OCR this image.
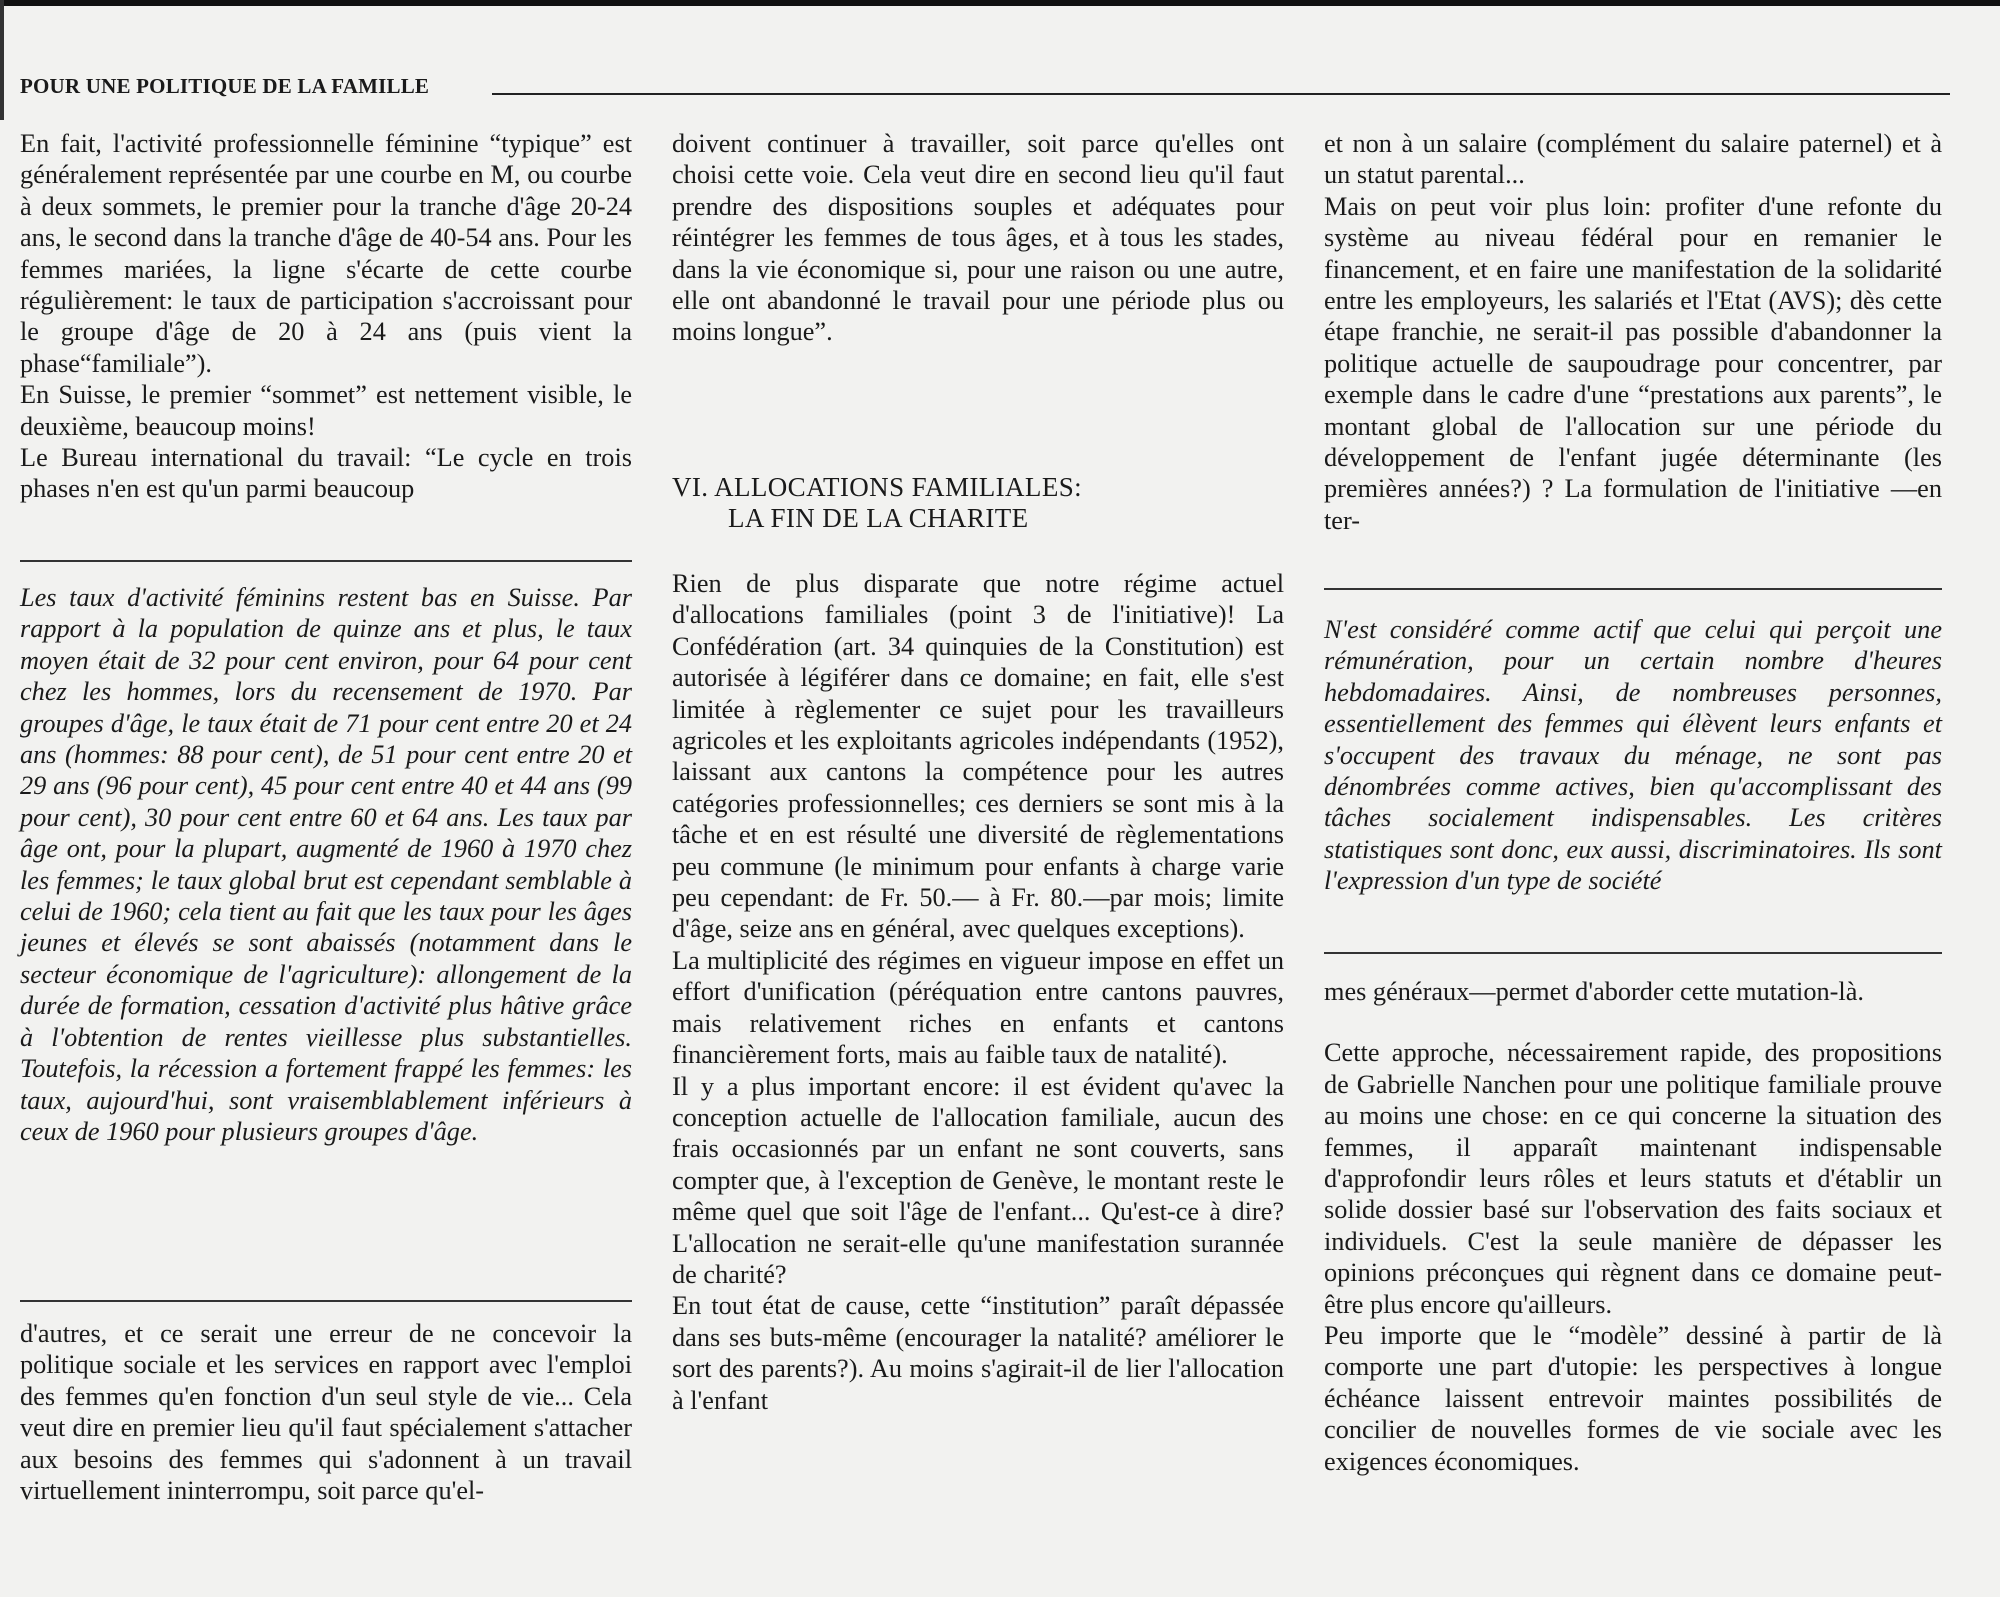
POUR UNE POLITIQUE DE LA FAMILLE

En fait, l'activité professionnelle féminine “typique” est généralement représentée par une courbe en M, ou courbe à deux sommets, le premier pour la tranche d'âge 20-24 ans, le second dans la tranche d'âge de 40-54 ans. Pour les femmes mariées, la ligne s'écarte de cette courbe régulièrement: le taux de participation s'accroissant pour le groupe d'âge de 20 à 24 ans (puis vient la phase“familiale”).

En Suisse, le premier “sommet” est nettement visible, le deuxième, beaucoup moins!

Le Bureau international du travail: “Le cycle en trois phases n'en est qu'un parmi beaucoup

Les taux d'activité féminins restent bas en Suisse. Par rapport à la population de quinze ans et plus, le taux moyen était de 32 pour cent environ, pour 64 pour cent chez les hommes, lors du recensement de 1970. Par groupes d'âge, le taux était de 71 pour cent entre 20 et 24 ans (hommes: 88 pour cent), de 51 pour cent entre 20 et 29 ans (96 pour cent), 45 pour cent entre 40 et 44 ans (99 pour cent), 30 pour cent entre 60 et 64 ans. Les taux par âge ont, pour la plupart, augmenté de 1960 à 1970 chez les femmes; le taux global brut est cependant semblable à celui de 1960; cela tient au fait que les taux pour les âges jeunes et élevés se sont abaissés (notamment dans le secteur économique de l'agriculture): allongement de la durée de formation, cessation d'activité plus hâtive grâce à l'obtention de rentes vieillesse plus substantielles. Toutefois, la récession a fortement frappé les femmes: les taux, aujourd'hui, sont vraisemblablement inférieurs à ceux de 1960 pour plusieurs groupes d'âge.

d'autres, et ce serait une erreur de ne concevoir la politique sociale et les services en rapport avec l'emploi des femmes qu'en fonction d'un seul style de vie... Cela veut dire en premier lieu qu'il faut spécialement s'attacher aux besoins des femmes qui s'adonnent à un travail virtuellement ininterrompu, soit parce qu'el-

doivent continuer à travailler, soit parce qu'elles ont choisi cette voie. Cela veut dire en second lieu qu'il faut prendre des dispositions souples et adéquates pour réintégrer les femmes de tous âges, et à tous les stades, dans la vie économique si, pour une raison ou une autre, elle ont abandonné le travail pour une période plus ou moins longue”.

VI. ALLOCATIONS FAMILIALES:
LA FIN DE LA CHARITE

Rien de plus disparate que notre régime actuel d'allocations familiales (point 3 de l'initiative)! La Confédération (art. 34 quinquies de la Constitution) est autorisée à légiférer dans ce domaine; en fait, elle s'est limitée à règlementer ce sujet pour les travailleurs agricoles et les exploitants agricoles indépendants (1952), laissant aux cantons la compétence pour les autres catégories professionnelles; ces derniers se sont mis à la tâche et en est résulté une diversité de règlementations peu commune (le minimum pour enfants à charge varie peu cependant: de Fr. 50.— à Fr. 80.—par mois; limite d'âge, seize ans en général, avec quelques exceptions).

La multiplicité des régimes en vigueur impose en effet un effort d'unification (péréquation entre cantons pauvres, mais relativement riches en enfants et cantons financièrement forts, mais au faible taux de natalité).

Il y a plus important encore: il est évident qu'avec la conception actuelle de l'allocation familiale, aucun des frais occasionnés par un enfant ne sont couverts, sans compter que, à l'exception de Genève, le montant reste le même quel que soit l'âge de l'enfant... Qu'est-ce à dire? L'allocation ne serait-elle qu'une manifestation surannée de charité?

En tout état de cause, cette “institution” paraît dépassée dans ses buts-même (encourager la natalité? améliorer le sort des parents?). Au moins s'agirait-il de lier l'allocation à l'enfant

et non à un salaire (complément du salaire paternel) et à un statut parental...

Mais on peut voir plus loin: profiter d'une refonte du système au niveau fédéral pour en remanier le financement, et en faire une manifestation de la solidarité entre les employeurs, les salariés et l'Etat (AVS); dès cette étape franchie, ne serait-il pas possible d'abandonner la politique actuelle de saupoudrage pour concentrer, par exemple dans le cadre d'une “prestations aux parents”, le montant global de l'allocation sur une période du développement de l'enfant jugée déterminante (les premières années?) ? La formulation de l'initiative —en ter-

N'est considéré comme actif que celui qui perçoit une rémunération, pour un certain nombre d'heures hebdomadaires. Ainsi, de nombreuses personnes, essentiellement des femmes qui élèvent leurs enfants et s'occupent des travaux du ménage, ne sont pas dénombrées comme actives, bien qu'accomplissant des tâches socialement indispensables. Les critères statistiques sont donc, eux aussi, discriminatoires. Ils sont l'expression d'un type de société

mes généraux—permet d'aborder cette mutation-là.

Cette approche, nécessairement rapide, des propositions de Gabrielle Nanchen pour une politique familiale prouve au moins une chose: en ce qui concerne la situation des femmes, il apparaît maintenant indispensable d'approfondir leurs rôles et leurs statuts et d'établir un solide dossier basé sur l'observation des faits sociaux et individuels. C'est la seule manière de dépasser les opinions préconçues qui règnent dans ce domaine peut-être plus encore qu'ailleurs.

Peu importe que le “modèle” dessiné à partir de là comporte une part d'utopie: les perspectives à longue échéance laissent entrevoir maintes possibilités de concilier de nouvelles formes de vie sociale avec les exigences économiques.
